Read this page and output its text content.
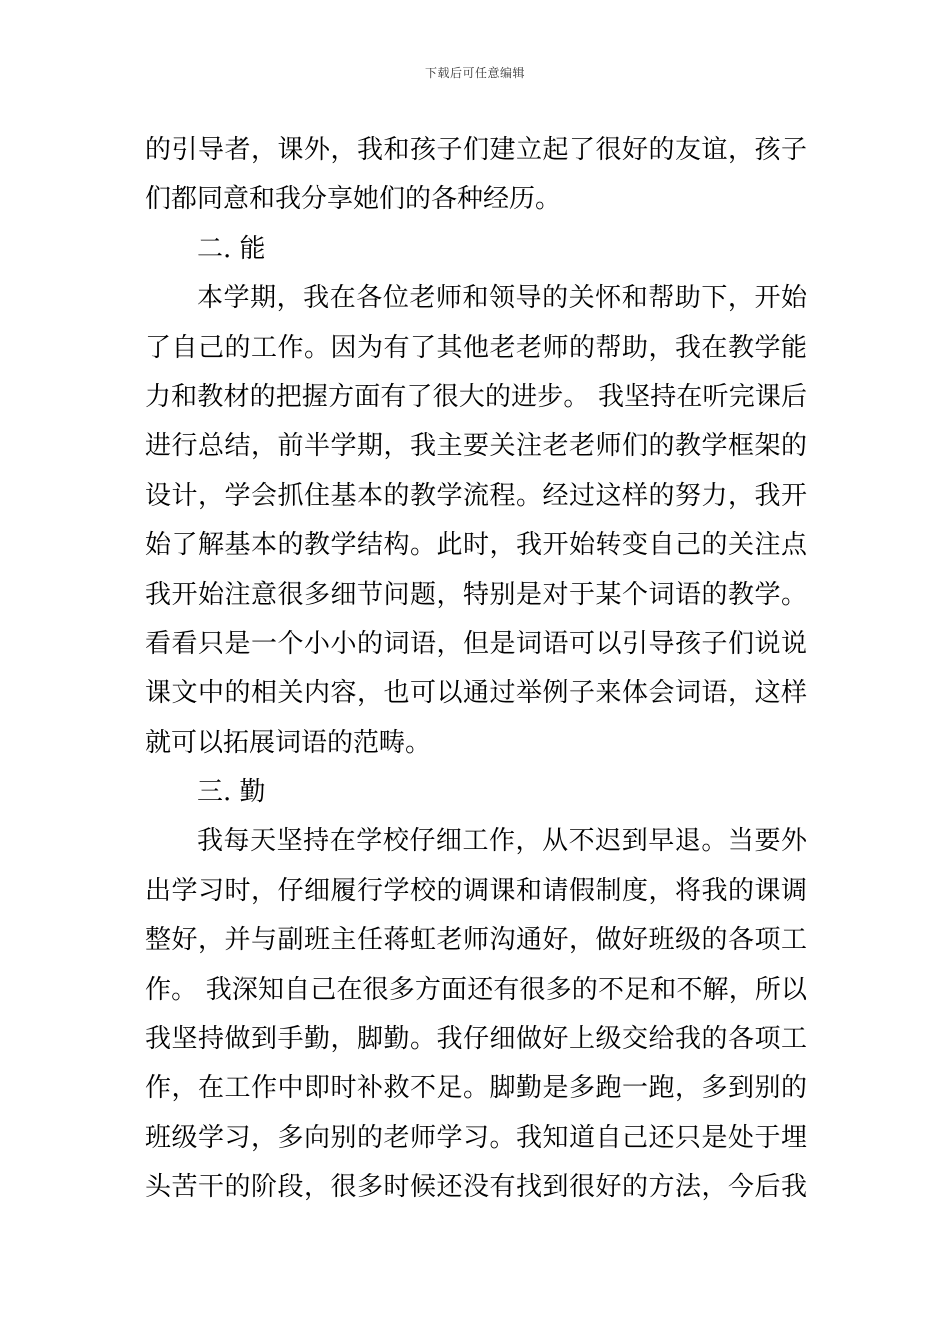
下载后可任意编辑
的引导者，课外，我和孩子们建立起了很好的友谊，孩子
们都同意和我分享她们的各种经历。
二. 能
本学期，我在各位老师和领导的关怀和帮助下，开始
了自己的工作。因为有了其他老老师的帮助，我在教学能
力和教材的把握方面有了很大的进步。 我坚持在听完课后
进行总结，前半学期，我主要关注老老师们的教学框架的
设计，学会抓住基本的教学流程。经过这样的努力，我开
始了解基本的教学结构。此时，我开始转变自己的关注点
我开始注意很多细节问题，特别是对于某个词语的教学。
看看只是一个小小的词语，但是词语可以引导孩子们说说
课文中的相关内容，也可以通过举例子来体会词语，这样
就可以拓展词语的范畴。
三. 勤
我每天坚持在学校仔细工作，从不迟到早退。当要外
出学习时，仔细履行学校的调课和请假制度，将我的课调
整好，并与副班主任蒋虹老师沟通好，做好班级的各项工
作。 我深知自己在很多方面还有很多的不足和不解，所以
我坚持做到手勤，脚勤。我仔细做好上级交给我的各项工
作，在工作中即时补救不足。脚勤是多跑一跑，多到别的
班级学习，多向别的老师学习。我知道自己还只是处于埋
头苦干的阶段，很多时候还没有找到很好的方法，今后我
